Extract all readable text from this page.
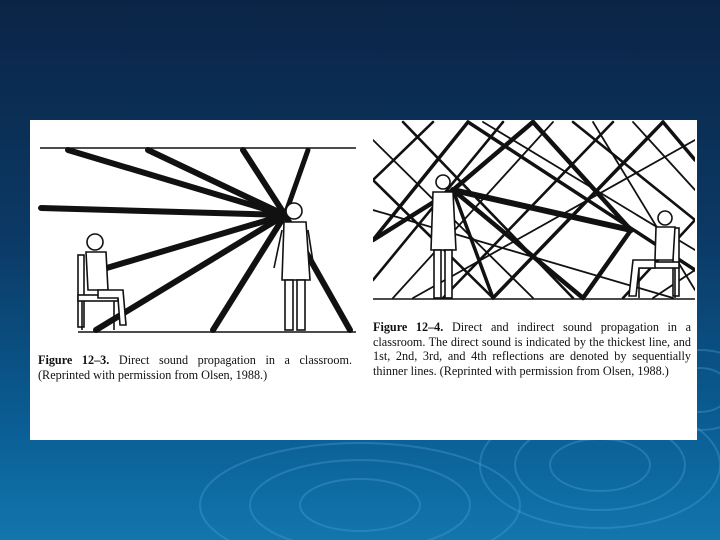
Figure 12–3. Direct sound propagation in a classroom. (Reprinted with permission from Olsen, 1988.)

Figure 12–4. Direct and indirect sound propagation in a classroom. The direct sound is indicated by the thickest line, and 1st, 2nd, 3rd, and 4th reflections are denoted by sequentially thinner lines. (Reprinted with permission from Olsen, 1988.)
